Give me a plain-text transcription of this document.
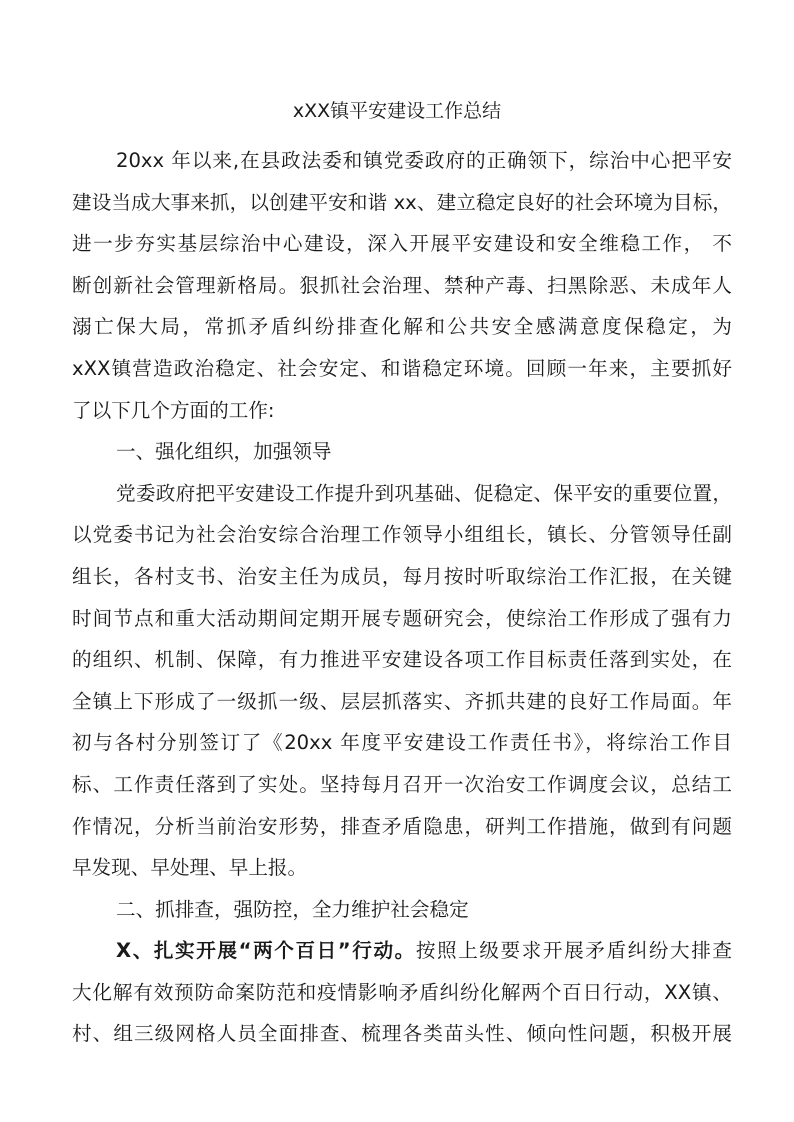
xXX镇平安建设工作总结
20xx 年以来,在县政法委和镇党委政府的正确领下，综治中心把平安
建设当成大事来抓，以创建平安和谐 xx、建立稳定良好的社会环境为目标，
进一步夯实基层综治中心建设，深入开展平安建设和安全维稳工作， 不
断创新社会管理新格局。狠抓社会治理、禁种产毒、扫黑除恶、未成年人
溺亡保大局，常抓矛盾纠纷排查化解和公共安全感满意度保稳定，为
xXX镇营造政治稳定、社会安定、和谐稳定环境。回顾一年来，主要抓好
了以下几个方面的工作:
一、强化组织，加强领导
党委政府把平安建设工作提升到巩基础、促稳定、保平安的重要位置，
以党委书记为社会治安综合治理工作领导小组组长，镇长、分管领导任副
组长，各村支书、治安主任为成员，每月按时听取综治工作汇报，在关键
时间节点和重大活动期间定期开展专题研究会，使综治工作形成了强有力
的组织、机制、保障，有力推进平安建设各项工作目标责任落到实处，在
全镇上下形成了一级抓一级、层层抓落实、齐抓共建的良好工作局面。年
初与各村分别签订了《20xx 年度平安建设工作责任书》，将综治工作目
标、工作责任落到了实处。坚持每月召开一次治安工作调度会议，总结工
作情况，分析当前治安形势，排查矛盾隐患，研判工作措施，做到有问题
早发现、早处理、早上报。
二、抓排查，强防控，全力维护社会稳定
X、扎实开展“两个百日”行动。按照上级要求开展矛盾纠纷大排查
大化解有效预防命案防范和疫情影响矛盾纠纷化解两个百日行动，XX镇、
村、组三级网格人员全面排查、梳理各类苗头性、倾向性问题，积极开展
